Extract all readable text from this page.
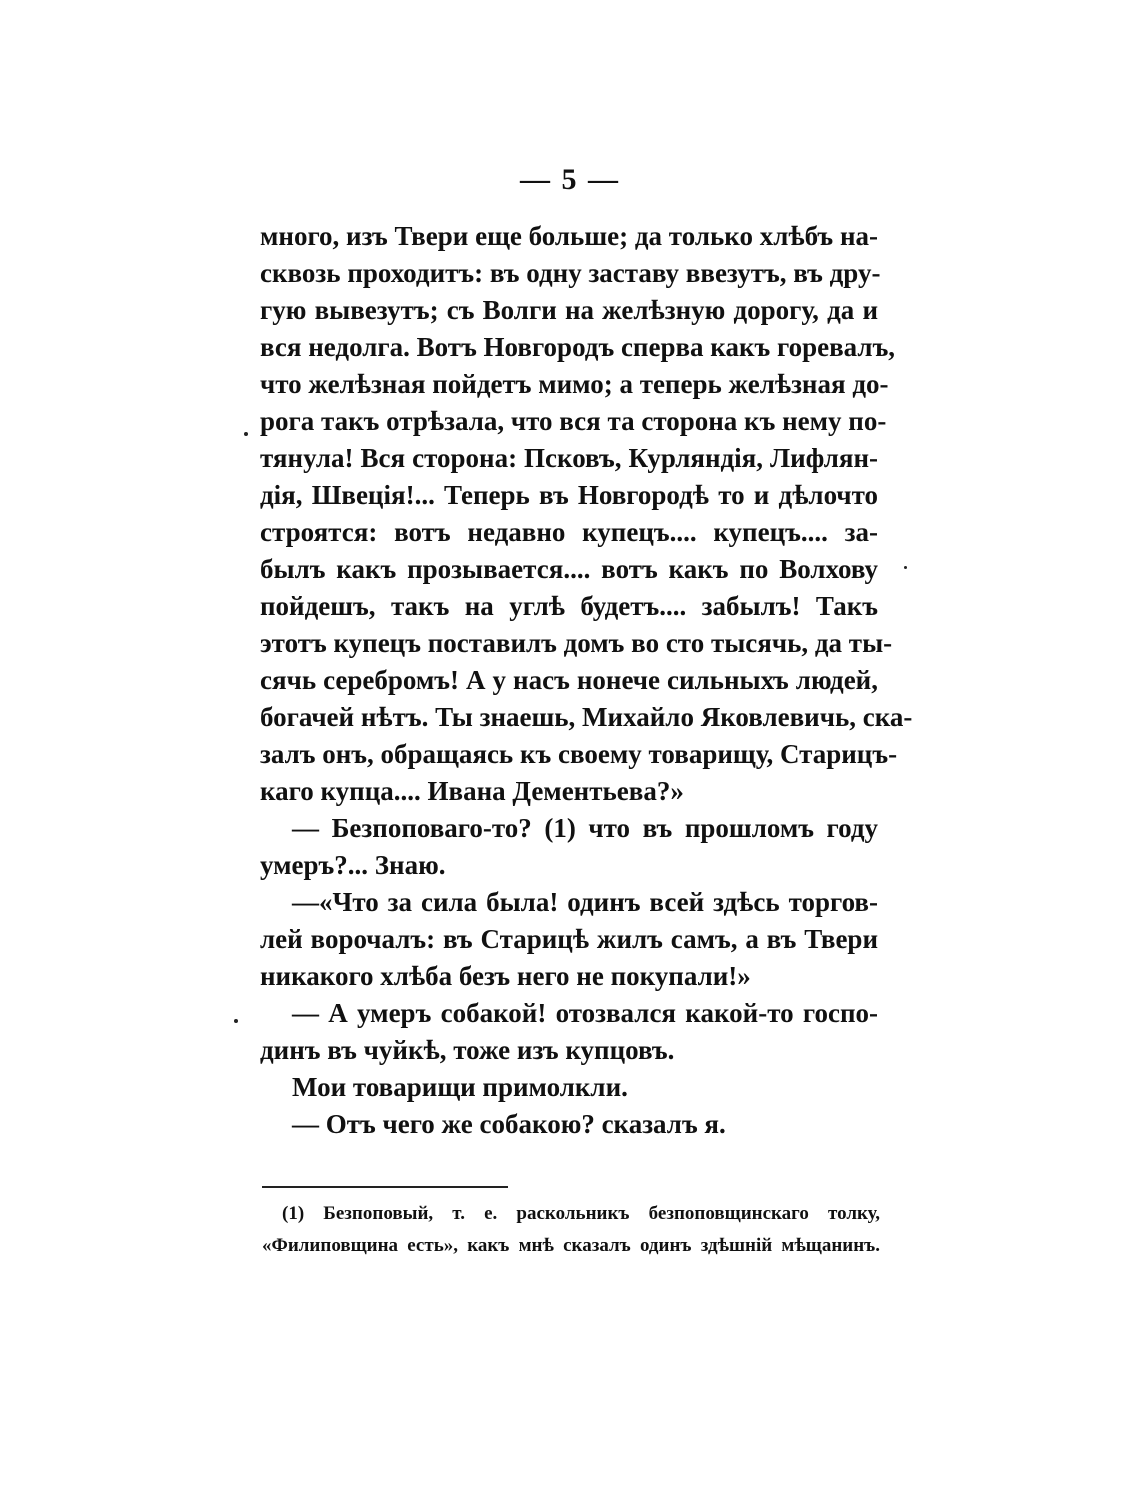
— 5 —
много, изъ Твери еще больше; да только хлѣбъ на-
сквозь проходитъ: въ одну заставу ввезутъ, въ дру-
гую вывезутъ; съ Волги на желѣзную дорогу, да и
вся недолга. Вотъ Новгородъ сперва какъ горевалъ,
что желѣзная пойдетъ мимо; а теперь желѣзная до-
рога такъ отрѣзала, что вся та сторона къ нему по-
тянула! Вся сторона: Псковъ, Курляндія, Лифлян-
дія, Швеція!... Теперь въ Новгородѣ то и дѣлочто
строятся: вотъ недавно купецъ.... купецъ.... за-
былъ какъ прозывается.... вотъ какъ по Волхову
пойдешъ, такъ на углѣ будетъ.... забылъ! Такъ
этотъ купецъ поставилъ домъ во сто тысячь, да ты-
сячь серебромъ! А у насъ нонече сильныхъ людей,
богачей нѣтъ. Ты знаешь, Михайло Яковлевичь, ска-
залъ онъ, обращаясь къ своему товарищу, Старицъ-
каго купца.... Ивана Дементьева?»
— Безпоповаго-то? (1) что въ прошломъ году
умеръ?... Знаю.
—«Что за сила была! одинъ всей здѣсь торгов-
лей ворочалъ: въ Старицѣ жилъ самъ, а въ Твери
никакого хлѣба безъ него не покупали!»
— А умеръ собакой! отозвался какой-то госпо-
динъ въ чуйкѣ, тоже изъ купцовъ.
Мои товарищи примолкли.
— Отъ чего же собакою? сказалъ я.
(1) Безпоповый, т. е. раскольникъ безпоповщинскаго толку,
«Филиповщина есть», какъ мнѣ сказалъ одинъ здѣшній мѣщанинъ.
